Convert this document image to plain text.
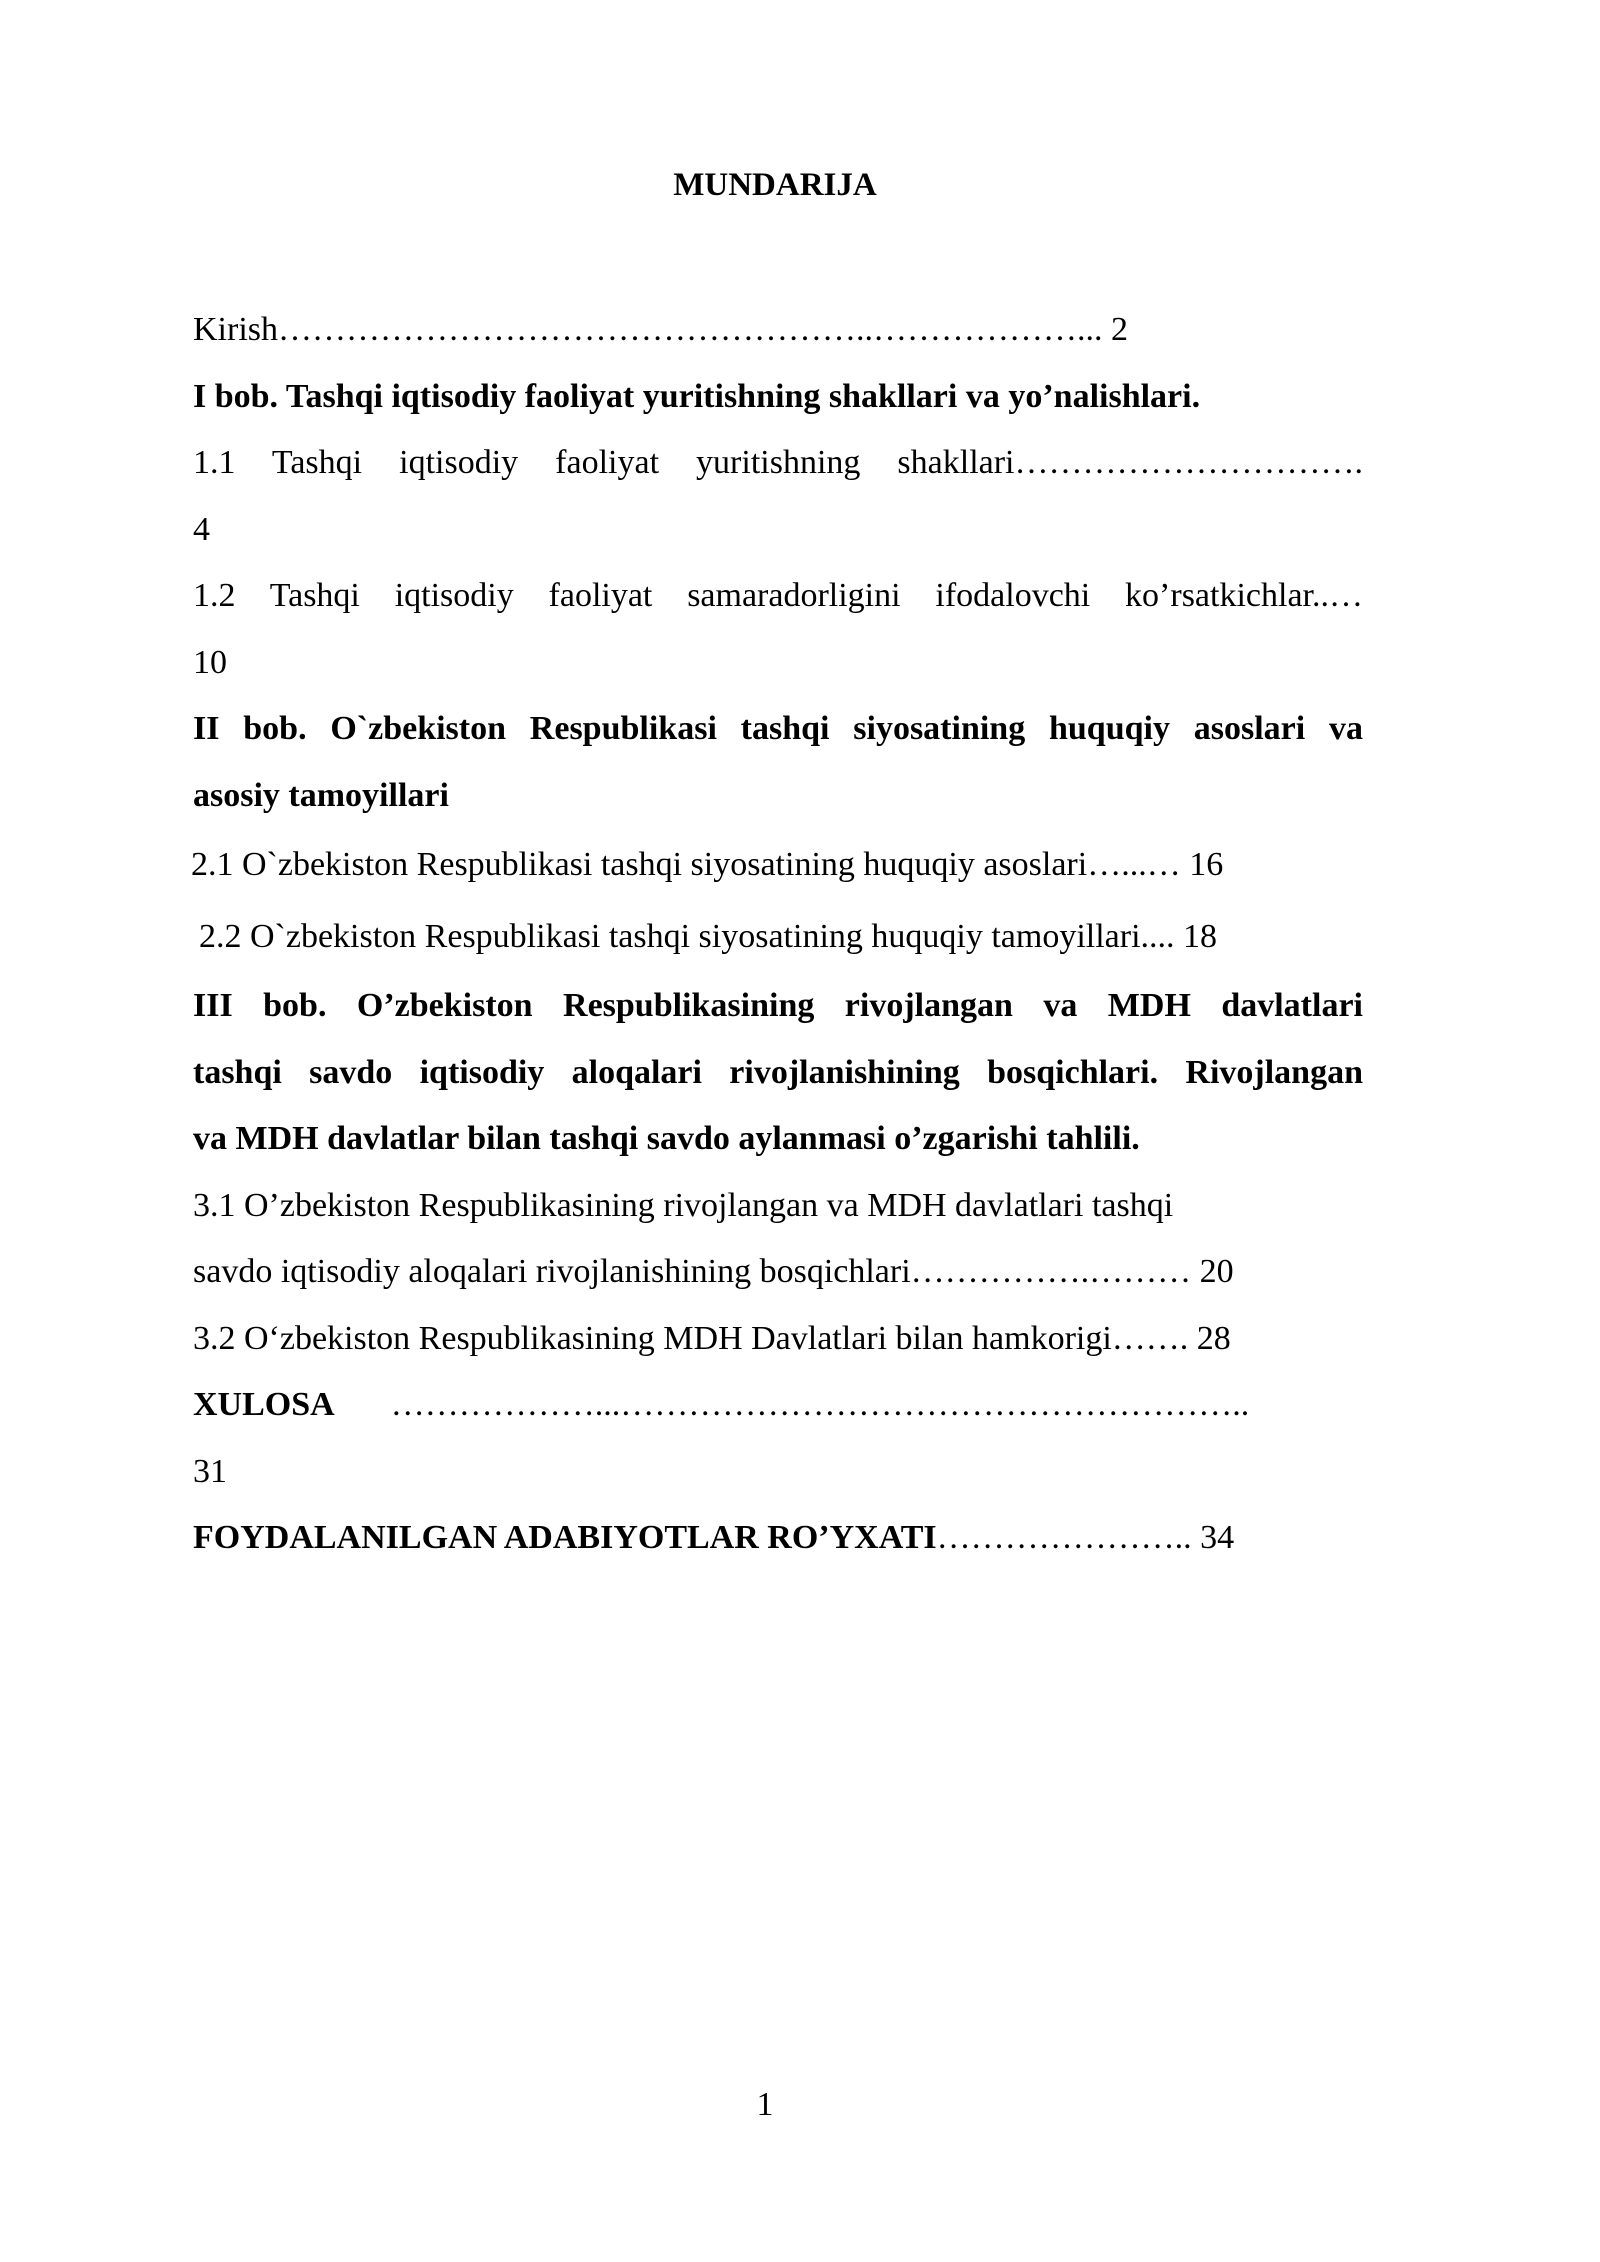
MUNDARIJA
Kirish……………………………………………..………………... 2
I bob. Tashqi iqtisodiy faoliyat yuritishning shakllari va yo’nalishlari.
1.1 Tashqi iqtisodiy faoliyat yuritishning shakllari………………………….
4
1.2 Tashqi iqtisodiy faoliyat samaradorligini ifodalovchi ko’rsatkichlar..…
10
II bob. O`zbekiston Respublikasi tashqi siyosatining huquqiy asoslari va
asosiy tamoyillari
2.1 O`zbekiston Respublikasi tashqi siyosatining huquqiy asoslari…...… 16
2.2 O`zbekiston Respublikasi tashqi siyosatining huquqiy tamoyillari.... 18
III bob. O’zbekiston Respublikasining rivojlangan va MDH davlatlari
tashqi savdo iqtisodiy aloqalari rivojlanishining bosqichlari. Rivojlangan
va MDH davlatlar bilan tashqi savdo aylanmasi o’zgarishi tahlili.
3.1 O’zbekiston Respublikasining rivojlangan va MDH davlatlari tashqi
savdo iqtisodiy aloqalari rivojlanishining bosqichlari…………….……… 20
3.2 O‘zbekiston Respublikasining MDH Davlatlari bilan hamkorigi……. 28
XULOSA ………………...………………………………………………..
31
FOYDALANILGAN ADABIYOTLAR RO’YXATI………………….. 34
1
